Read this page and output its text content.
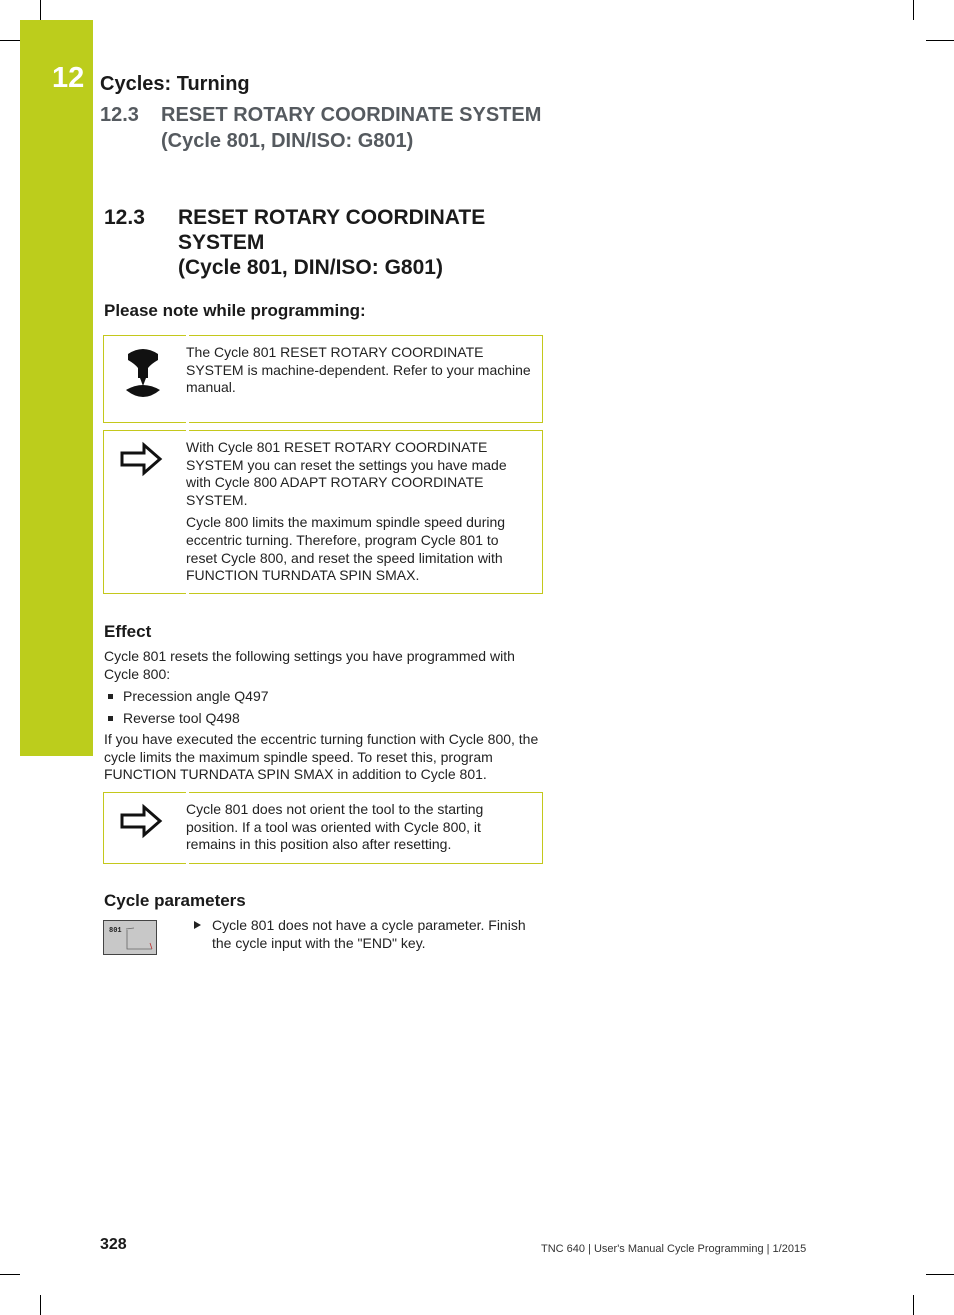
12 Cycles: Turning
12.3 RESET ROTARY COORDINATE SYSTEM
(Cycle 801, DIN/ISO: G801)
12.3 RESET ROTARY COORDINATE
SYSTEM
(Cycle 801, DIN/ISO: G801)
Please note while programming:
The Cycle 801 RESET ROTARY COORDINATE SYSTEM is machine-dependent. Refer to your machine manual.

With Cycle 801 RESET ROTARY COORDINATE SYSTEM you can reset the settings you have made with Cycle 800 ADAPT ROTARY COORDINATE SYSTEM.

Cycle 800 limits the maximum spindle speed during eccentric turning. Therefore, program Cycle 801 to reset Cycle 800, and reset the speed limitation with FUNCTION TURNDATA SPIN SMAX.

Effect
Cycle 801 resets the following settings you have programmed with Cycle 800:
Precession angle Q497
Reverse tool Q498
If you have executed the eccentric turning function with Cycle 800, the cycle limits the maximum spindle speed. To reset this, program FUNCTION TURNDATA SPIN SMAX in addition to Cycle 801.
Cycle 801 does not orient the tool to the starting position. If a tool was oriented with Cycle 800, it remains in this position also after resetting.
Cycle parameters
801	Cycle 801 does not have a cycle parameter. Finish the cycle input with the "END" key.
328	TNC 640 | User's Manual Cycle Programming | 1/2015
